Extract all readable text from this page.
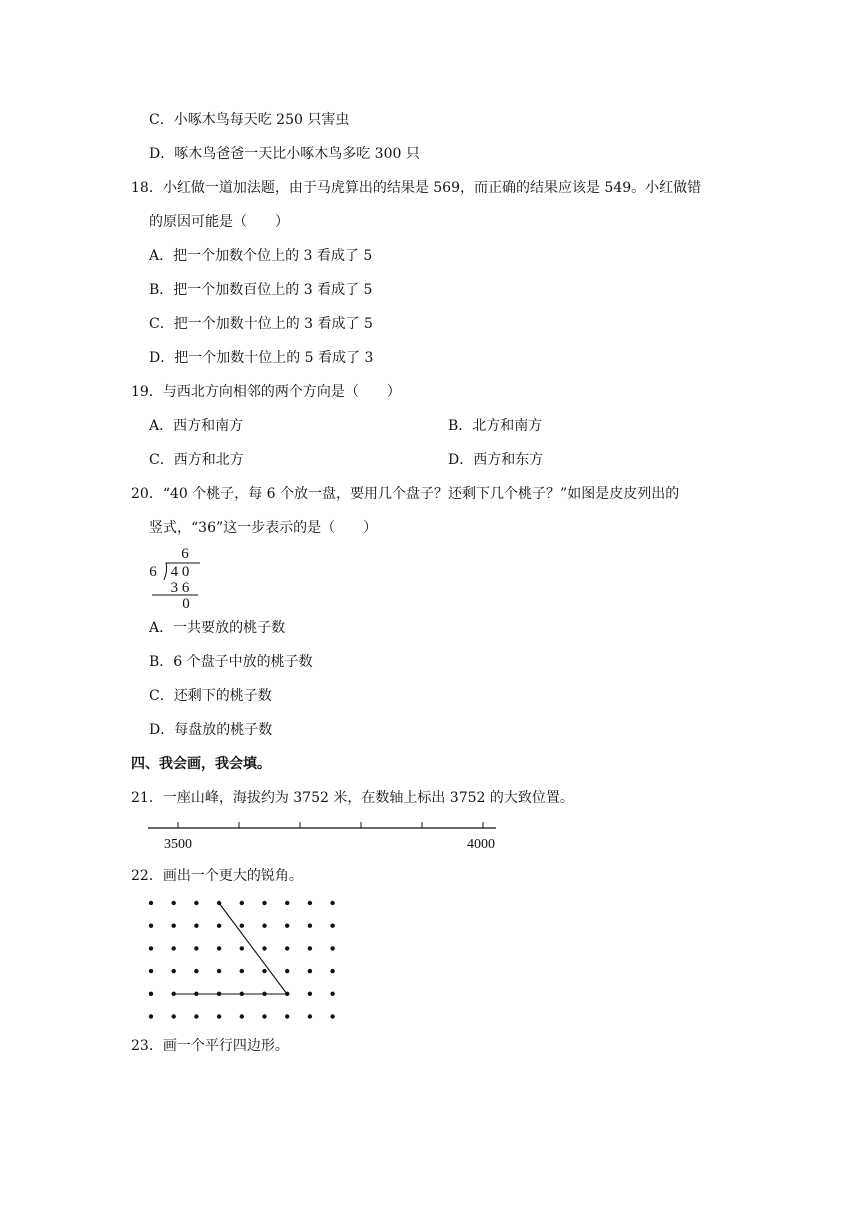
C．小啄木鸟每天吃 250 只害虫
D．啄木鸟爸爸一天比小啄木鸟多吃 300 只
18．小红做一道加法题，由于马虎算出的结果是 569，而正确的结果应该是 549。小红做错
的原因可能是（　　）
A．把一个加数个位上的 3 看成了 5
B．把一个加数百位上的 3 看成了 5
C．把一个加数十位上的 3 看成了 5
D．把一个加数十位上的 5 看成了 3
19．与西北方向相邻的两个方向是（　　）
A．西方和南方	B．北方和南方
C．西方和北方	D．西方和东方
20．“40 个桃子，每 6 个放一盘，要用几个盘子？还剩下几个桃子？”如图是皮皮列出的
竖式，“36”这一步表示的是（　　）
6
6 4 0
3 6
0
A．一共要放的桃子数
B．6 个盘子中放的桃子数
C．还剩下的桃子数
D．每盘放的桃子数
四、我会画，我会填。
21．一座山峰，海拔约为 3752 米，在数轴上标出 3752 的大致位置。
3500	4000
22．画出一个更大的锐角。
23．画一个平行四边形。
